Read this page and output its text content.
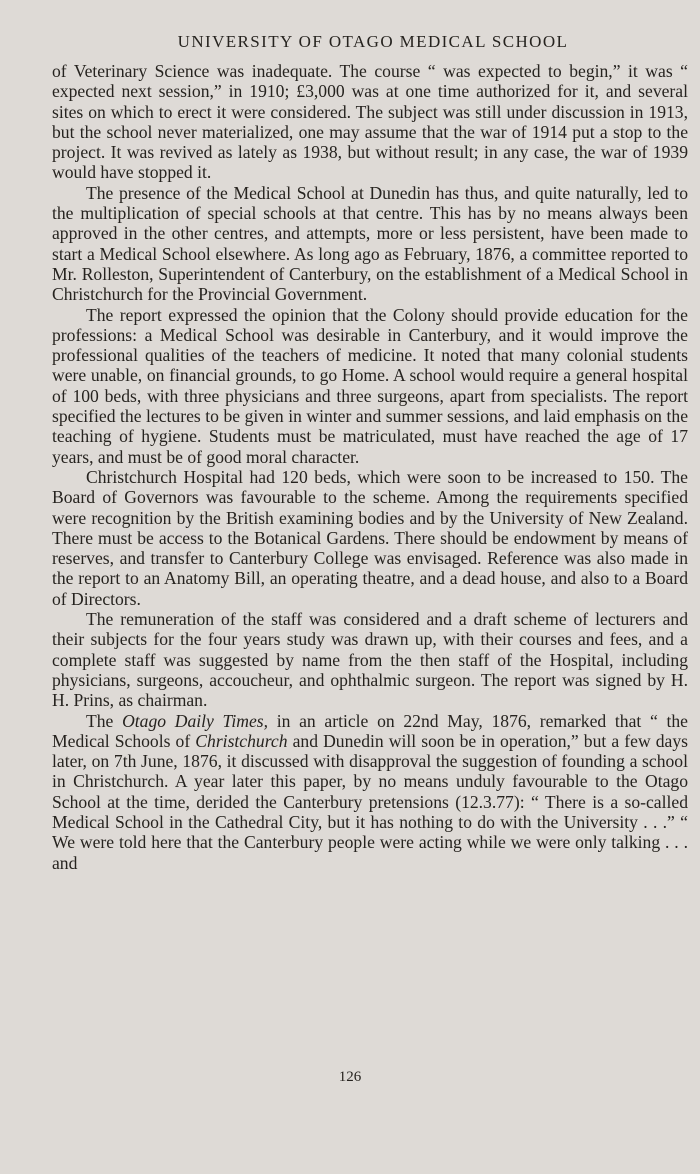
UNIVERSITY OF OTAGO MEDICAL SCHOOL

of Veterinary Science was inadequate. The course “ was expected to begin,” it was “ expected next session,” in 1910; £3,000 was at one time authorized for it, and several sites on which to erect it were considered. The subject was still under discussion in 1913, but the school never materialized, one may assume that the war of 1914 put a stop to the project. It was revived as lately as 1938, but without result; in any case, the war of 1939 would have stopped it.

The presence of the Medical School at Dunedin has thus, and quite naturally, led to the multiplication of special schools at that centre. This has by no means always been approved in the other centres, and attempts, more or less persistent, have been made to start a Medical School elsewhere. As long ago as February, 1876, a committee reported to Mr. Rolleston, Superintendent of Canterbury, on the establishment of a Medical School in Christchurch for the Provincial Government.

The report expressed the opinion that the Colony should provide education for the professions: a Medical School was desirable in Canterbury, and it would improve the professional qualities of the teachers of medicine. It noted that many colonial students were unable, on financial grounds, to go Home. A school would require a general hospital of 100 beds, with three physicians and three surgeons, apart from specialists. The report specified the lectures to be given in winter and summer sessions, and laid emphasis on the teaching of hygiene. Students must be matriculated, must have reached the age of 17 years, and must be of good moral character.

Christchurch Hospital had 120 beds, which were soon to be increased to 150. The Board of Governors was favourable to the scheme. Among the requirements specified were recognition by the British examining bodies and by the University of New Zealand. There must be access to the Botanical Gardens. There should be endowment by means of reserves, and transfer to Canterbury College was envisaged. Reference was also made in the report to an Anatomy Bill, an operating theatre, and a dead house, and also to a Board of Directors.

The remuneration of the staff was considered and a draft scheme of lecturers and their subjects for the four years study was drawn up, with their courses and fees, and a complete staff was suggested by name from the then staff of the Hospital, including physicians, surgeons, accoucheur, and ophthalmic surgeon. The report was signed by H. H. Prins, as chairman.

The Otago Daily Times, in an article on 22nd May, 1876, remarked that “ the Medical Schools of Christchurch and Dunedin will soon be in operation,” but a few days later, on 7th June, 1876, it discussed with disapproval the suggestion of founding a school in Christchurch. A year later this paper, by no means unduly favourable to the Otago School at the time, derided the Canterbury pretensions (12.3.77): “ There is a so-called Medical School in the Cathedral City, but it has nothing to do with the University . . .” “ We were told here that the Canterbury people were acting while we were only talking . . . and

126
